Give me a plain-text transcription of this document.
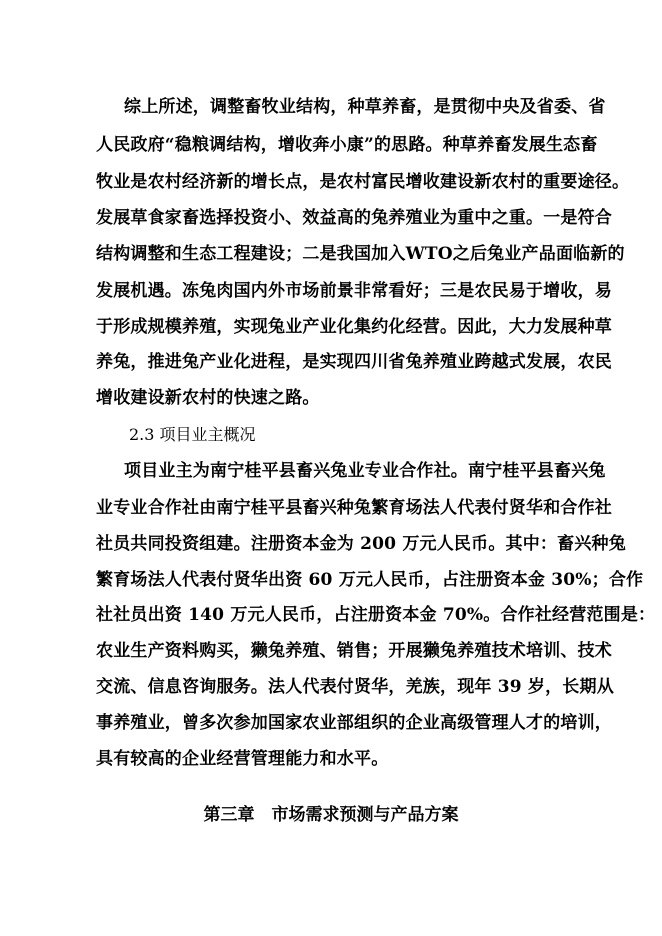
综上所述，调整畜牧业结构，种草养畜，是贯彻中央及省委、省
人民政府“稳粮调结构，增收奔小康”的思路。种草养畜发展生态畜
牧业是农村经济新的增长点，是农村富民增收建设新农村的重要途径。
发展草食家畜选择投资小、效益高的兔养殖业为重中之重。一是符合
结构调整和生态工程建设；二是我国加入WTO之后兔业产品面临新的
发展机遇。冻兔肉国内外市场前景非常看好；三是农民易于增收，易
于形成规模养殖，实现兔业产业化集约化经营。因此，大力发展种草
养兔，推进兔产业化进程，是实现四川省兔养殖业跨越式发展，农民
增收建设新农村的快速之路。
2.3 项目业主概况
项目业主为南宁桂平县畜兴兔业专业合作社。南宁桂平县畜兴兔
业专业合作社由南宁桂平县畜兴种兔繁育场法人代表付贤华和合作社
社员共同投资组建。注册资本金为 200 万元人民币。其中：畜兴种兔
繁育场法人代表付贤华出资 60 万元人民币，占注册资本金 30%；合作
社社员出资 140 万元人民币，占注册资本金 70%。合作社经营范围是：
农业生产资料购买，獭兔养殖、销售；开展獭兔养殖技术培训、技术
交流、信息咨询服务。法人代表付贤华，羌族，现年 39 岁，长期从
事养殖业，曾多次参加国家农业部组织的企业高级管理人才的培训，
具有较高的企业经营管理能力和水平。
第三章　市场需求预测与产品方案
